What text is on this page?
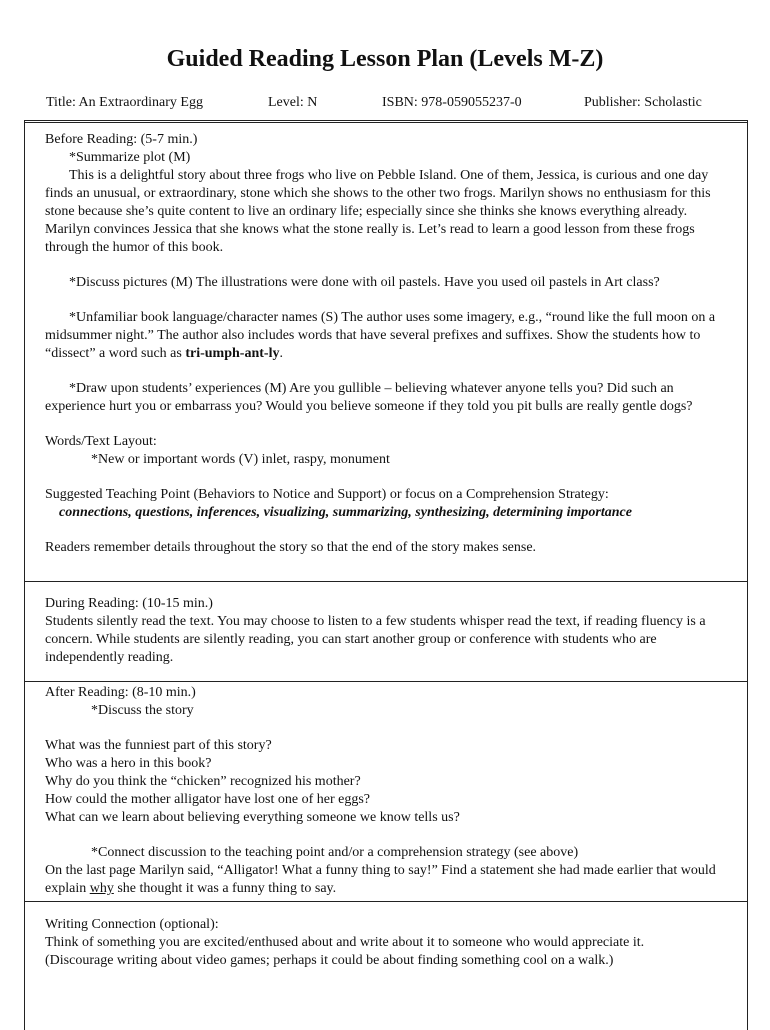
Guided Reading Lesson Plan (Levels M-Z)
Title: An Extraordinary Egg	Level: N	ISBN: 978-059055237-0	Publisher: Scholastic

Before Reading: (5-7 min.)

*Summarize plot (M)

This is a delightful story about three frogs who live on Pebble Island. One of them, Jessica, is curious and one day finds an unusual, or extraordinary, stone which she shows to the other two frogs. Marilyn shows no enthusiasm for this stone because she’s quite content to live an ordinary life; especially since she thinks she knows everything already. Marilyn convinces Jessica that she knows what the stone really is. Let’s read to learn a good lesson from these frogs through the humor of this book.

*Discuss pictures (M) The illustrations were done with oil pastels. Have you used oil pastels in Art class?

*Unfamiliar book language/character names (S) The author uses some imagery, e.g., “round like the full moon on a midsummer night.” The author also includes words that have several prefixes and suffixes. Show the students how to “dissect” a word such as tri-umph-ant-ly.

*Draw upon students’ experiences (M) Are you gullible – believing whatever anyone tells you? Did such an experience hurt you or embarrass you? Would you believe someone if they told you pit bulls are really gentle dogs?

Words/Text Layout:

*New or important words (V) inlet, raspy, monument

Suggested Teaching Point (Behaviors to Notice and Support) or focus on a Comprehension Strategy:

connections, questions, inferences, visualizing, summarizing, synthesizing, determining importance

Readers remember details throughout the story so that the end of the story makes sense.

During Reading: (10-15 min.)

Students silently read the text. You may choose to listen to a few students whisper read the text, if reading fluency is a concern. While students are silently reading, you can start another group or conference with students who are independently reading.

After Reading: (8-10 min.)

*Discuss the story

What was the funniest part of this story?

Who was a hero in this book?

Why do you think the “chicken” recognized his mother?

How could the mother alligator have lost one of her eggs?

What can we learn about believing everything someone we know tells us?

*Connect discussion to the teaching point and/or a comprehension strategy (see above)

On the last page Marilyn said, “Alligator! What a funny thing to say!” Find a statement she had made earlier that would explain why she thought it was a funny thing to say.

Writing Connection (optional):

Think of something you are excited/enthused about and write about it to someone who would appreciate it.

(Discourage writing about video games; perhaps it could be about finding something cool on a walk.)
